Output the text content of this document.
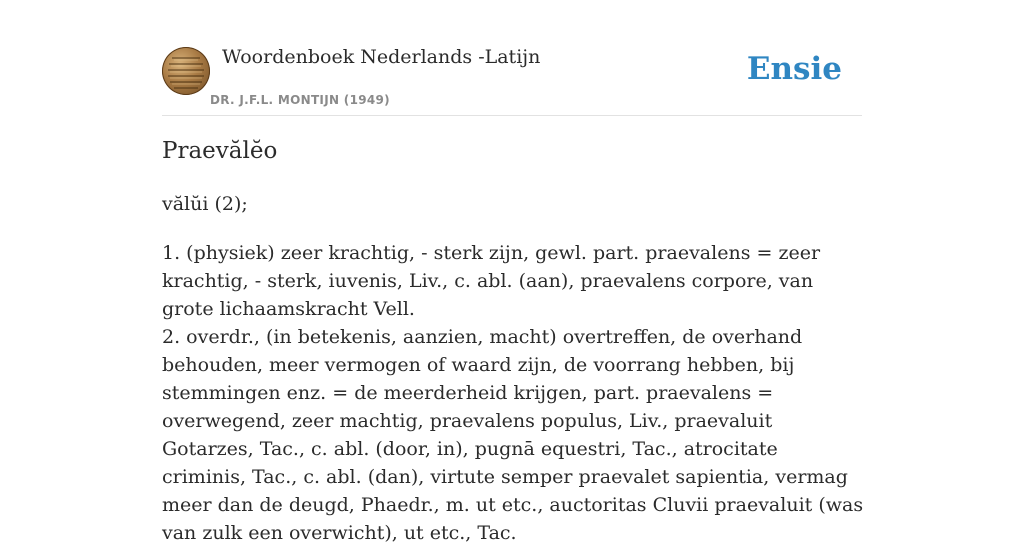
Woordenboek Nederlands -Latijn
DR. J.F.L. MONTIJN (1949)
Ensie
Praevălĕo
vălŭi (2);

1. (physiek) zeer krachtig, - sterk zijn, gewl. part. praevalens = zeer krachtig, - sterk, iuvenis, Liv., c. abl. (aan), praevalens corpore, van grote lichaamskracht Vell.

2. overdr., (in betekenis, aanzien, macht) overtreffen, de overhand behouden, meer vermogen of waard zijn, de voorrang hebben, bij stemmingen enz. = de meerderheid krijgen, part. praevalens = overwegend, zeer machtig, praevalens populus, Liv., praevaluit Gotarzes, Tac., c. abl. (door, in), pugnā equestri, Tac., atrocitate criminis, Tac., c. abl. (dan), virtute semper praevalet sapientia, vermag meer dan de deugd, Phaedr., m. ut etc., auctoritas Cluvii praevaluit (was van zulk een overwicht), ut etc., Tac.
